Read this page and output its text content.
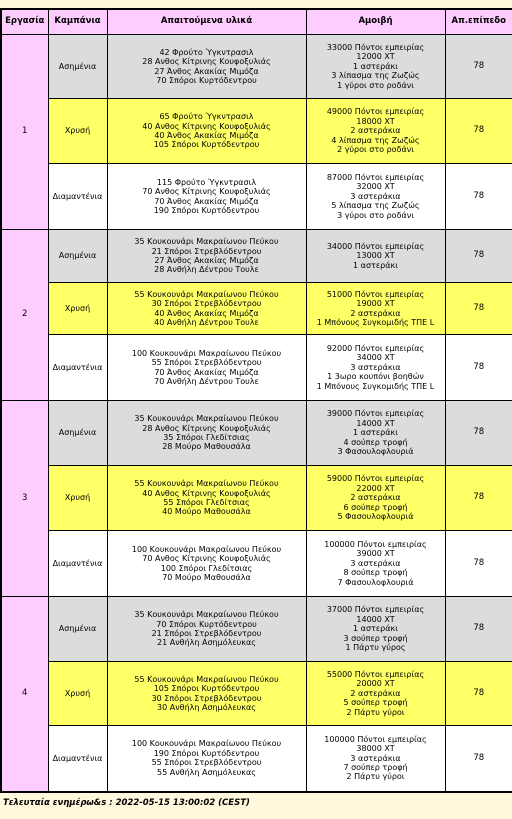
Εργασία	Καμπάνια	Απαιτούμενα υλικά	Αμοιβή	Απ.επίπεδο
1	Ασημένια	42 Φρούτο Ύγκντρασιλ
28 Ανθος Κίτρινης Κουφοξυλιάς
27 Άνθος Ακακίας Μιμόζα
70 Σπόροι Κυρτόδεντρου	33000 Πόντοι εμπειρίας
12000 XT
1 αστεράκι
3 λίπασμα της Ζωζώς
1 γύροι στο ροδάνι	78
	Χρυσή	65 Φρούτο Ύγκντρασιλ
40 Ανθος Κίτρινης Κουφοξυλιάς
40 Άνθος Ακακίας Μιμόζα
105 Σπόροι Κυρτόδεντρου	49000 Πόντοι εμπειρίας
18000 XT
2 αστεράκια
4 λίπασμα της Ζωζώς
2 γύροι στο ροδάνι	78
	Διαμαντένια	115 Φρούτο Ύγκντρασιλ
70 Ανθος Κίτρινης Κουφοξυλιάς
70 Άνθος Ακακίας Μιμόζα
190 Σπόροι Κυρτόδεντρου	87000 Πόντοι εμπειρίας
32000 XT
3 αστεράκια
5 λίπασμα της Ζωζώς
3 γύροι στο ροδάνι	78
2	Ασημένια	35 Κουκουνάρι Μακραίωνου Πεύκου
21 Σπόροι Στρεβλόδεντρου
27 Άνθος Ακακίας Μιμόζα
28 Ανθήλη Δέντρου Τουλε	34000 Πόντοι εμπειρίας
13000 XT
1 αστεράκι	78
	Χρυσή	55 Κουκουνάρι Μακραίωνου Πεύκου
30 Σπόροι Στρεβλόδεντρου
40 Άνθος Ακακίας Μιμόζα
40 Ανθήλη Δέντρου Τουλε	51000 Πόντοι εμπειρίας
19000 XT
2 αστεράκια
1 Μπόνους Συγκομιδής ΤΠΕ L	78
	Διαμαντένια	100 Κουκουνάρι Μακραίωνου Πεύκου
55 Σπόροι Στρεβλόδεντρου
70 Άνθος Ακακίας Μιμόζα
70 Ανθήλη Δέντρου Τουλε	92000 Πόντοι εμπειρίας
34000 XT
3 αστεράκια
1 3ωρο κουπόνι βοηθών
1 Μπόνους Συγκομιδής ΤΠΕ L	78
3	Ασημένια	35 Κουκουνάρι Μακραίωνου Πεύκου
28 Ανθος Κίτρινης Κουφοξυλιάς
35 Σπόροι Γλεδίτσιας
28 Μούρο Μαθουσάλα	39000 Πόντοι εμπειρίας
14000 XT
1 αστεράκι
4 σούπερ τροφή
3 Φασουλοφλουριά	78
	Χρυσή	55 Κουκουνάρι Μακραίωνου Πεύκου
40 Ανθος Κίτρινης Κουφοξυλιάς
55 Σπόροι Γλεδίτσιας
40 Μούρο Μαθουσάλα	59000 Πόντοι εμπειρίας
22000 XT
2 αστεράκια
6 σούπερ τροφή
5 Φασουλοφλουριά	78
	Διαμαντένια	100 Κουκουνάρι Μακραίωνου Πεύκου
70 Ανθος Κίτρινης Κουφοξυλιάς
100 Σπόροι Γλεδίτσιας
70 Μούρο Μαθουσάλα	100000 Πόντοι εμπειρίας
39000 XT
3 αστεράκια
8 σούπερ τροφή
7 Φασουλοφλουριά	78
4	Ασημένια	35 Κουκουνάρι Μακραίωνου Πεύκου
70 Σπόροι Κυρτόδεντρου
21 Σπόροι Στρεβλόδεντρου
21 Ανθήλη Ασημόλευκας	37000 Πόντοι εμπειρίας
14000 XT
1 αστεράκι
3 σούπερ τροφή
1 Πάρτυ γύρος	78
	Χρυσή	55 Κουκουνάρι Μακραίωνου Πεύκου
105 Σπόροι Κυρτόδεντρου
30 Σπόροι Στρεβλόδεντρου
30 Ανθήλη Ασημόλευκας	55000 Πόντοι εμπειρίας
20000 XT
2 αστεράκια
5 σούπερ τροφή
2 Πάρτυ γύροι	78
	Διαμαντένια	100 Κουκουνάρι Μακραίωνου Πεύκου
190 Σπόροι Κυρτόδεντρου
55 Σπόροι Στρεβλόδεντρου
55 Ανθήλη Ασημόλευκας	100000 Πόντοι εμπειρίας
38000 XT
3 αστεράκια
7 σούπερ τροφή
2 Πάρτυ γύροι	78
Τελευταία ενημέρω&s : 2022-05-15 13:00:02 (CEST)
